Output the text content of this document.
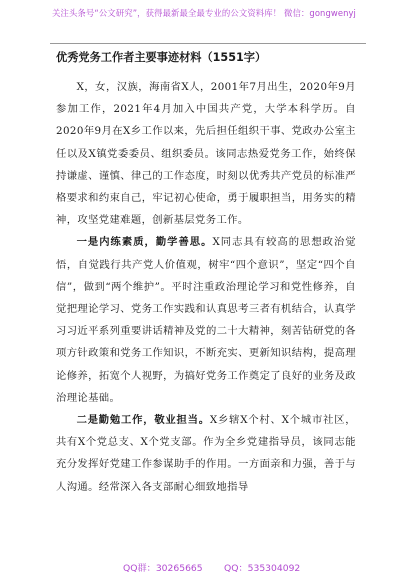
关注头条号“公文研究”，获得最新最全最专业的公文资料库！ 微信：gongwenyj
优秀党务工作者主要事迹材料（1551字）

X，女，汉族，海南省X人，2001年7月出生，2020年9月参加工作，2021年4月加入中国共产党，大学本科学历。自2020年9月在X乡工作以来，先后担任组织干事、党政办公室主任以及X镇党委委员、组织委员。该同志热爱党务工作，始终保持谦虚、谨慎、律己的工作态度，时刻以优秀共产党员的标准严格要求和约束自己，牢记初心使命，勇于履职担当，用务实的精神，攻坚党建难题，创新基层党务工作。

一是内练素质，勤学善思。X同志具有较高的思想政治觉悟，自觉践行共产党人价值观，树牢“四个意识”，坚定“四个自信”，做到“两个维护”。平时注重政治理论学习和党性修养，自觉把理论学习、党务工作实践和认真思考三者有机结合，认真学习习近平系列重要讲话精神及党的二十大精神，刻苦钻研党的各项方针政策和党务工作知识，不断充实、更新知识结构，提高理论修养，拓宽个人视野，为搞好党务工作奠定了良好的业务及政治理论基础。

二是勤勉工作，敬业担当。X乡辖X个村、X个城市社区，共有X个党总支、X个党支部。作为全乡党建指导员，该同志能充分发挥好党建工作参谋助手的作用。一方面亲和力强，善于与人沟通。经常深入各支部耐心细致地指导

QQ群：30265665 QQ：535304092
